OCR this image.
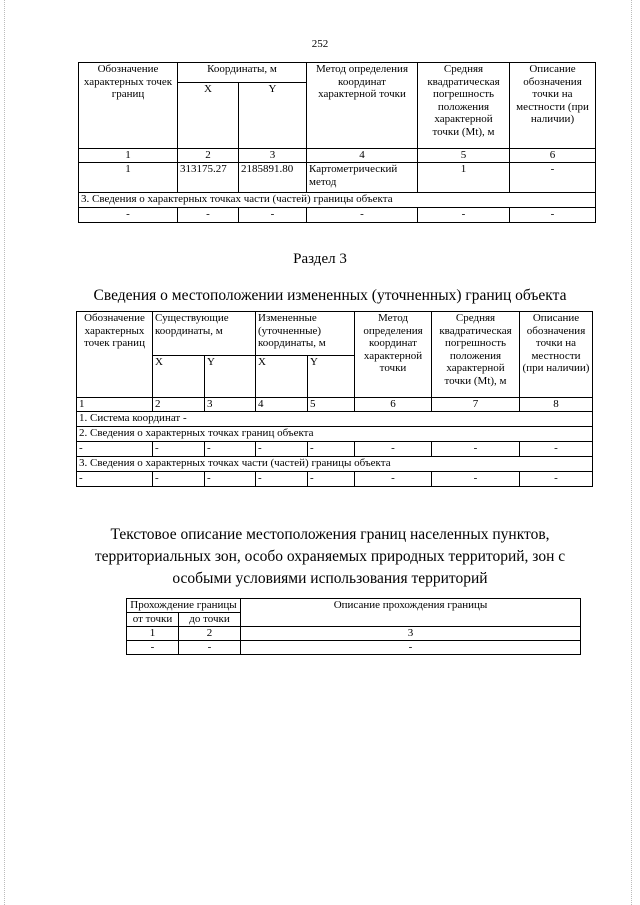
252
Обозначение характерных точек границ	Координаты, м		Метод определения координат характерной точки	Средняя квадратическая погрешность положения характерной точки (Mt), м	Описание обозначения точки на местности (при наличии)
	X	Y			
1	2	3	4	5	6
1	313175.27	2185891.80	Картометрический метод	1	-
3. Сведения о характерных точках части (частей) границы объекта					
-	-	-	-	-	-
Раздел 3
Сведения о местоположении измененных (уточненных) границ объекта
Обозначение характерных точек границ	Существующие координаты, м		Измененные (уточненные) координаты, м		Метод определения координат характерной точки	Средняя квадратическая погрешность положения характерной точки (Mt), м	Описание обозначения точки на местности (при наличии)
	X	Y	X	Y			
1	2	3	4	5	6	7	8
1. Система координат -							
2. Сведения о характерных точках границ объекта							
-	-	-	-	-	-	-	-
3. Сведения о характерных точках части (частей) границы объекта							
-	-	-	-	-	-	-	-
Текстовое описание местоположения границ населенных пунктов, территориальных зон, особо охраняемых природных территорий, зон с особыми условиями использования территорий
Прохождение границы		Описание прохождения границы
от точки	до точки	
1	2	3
-	-	-
